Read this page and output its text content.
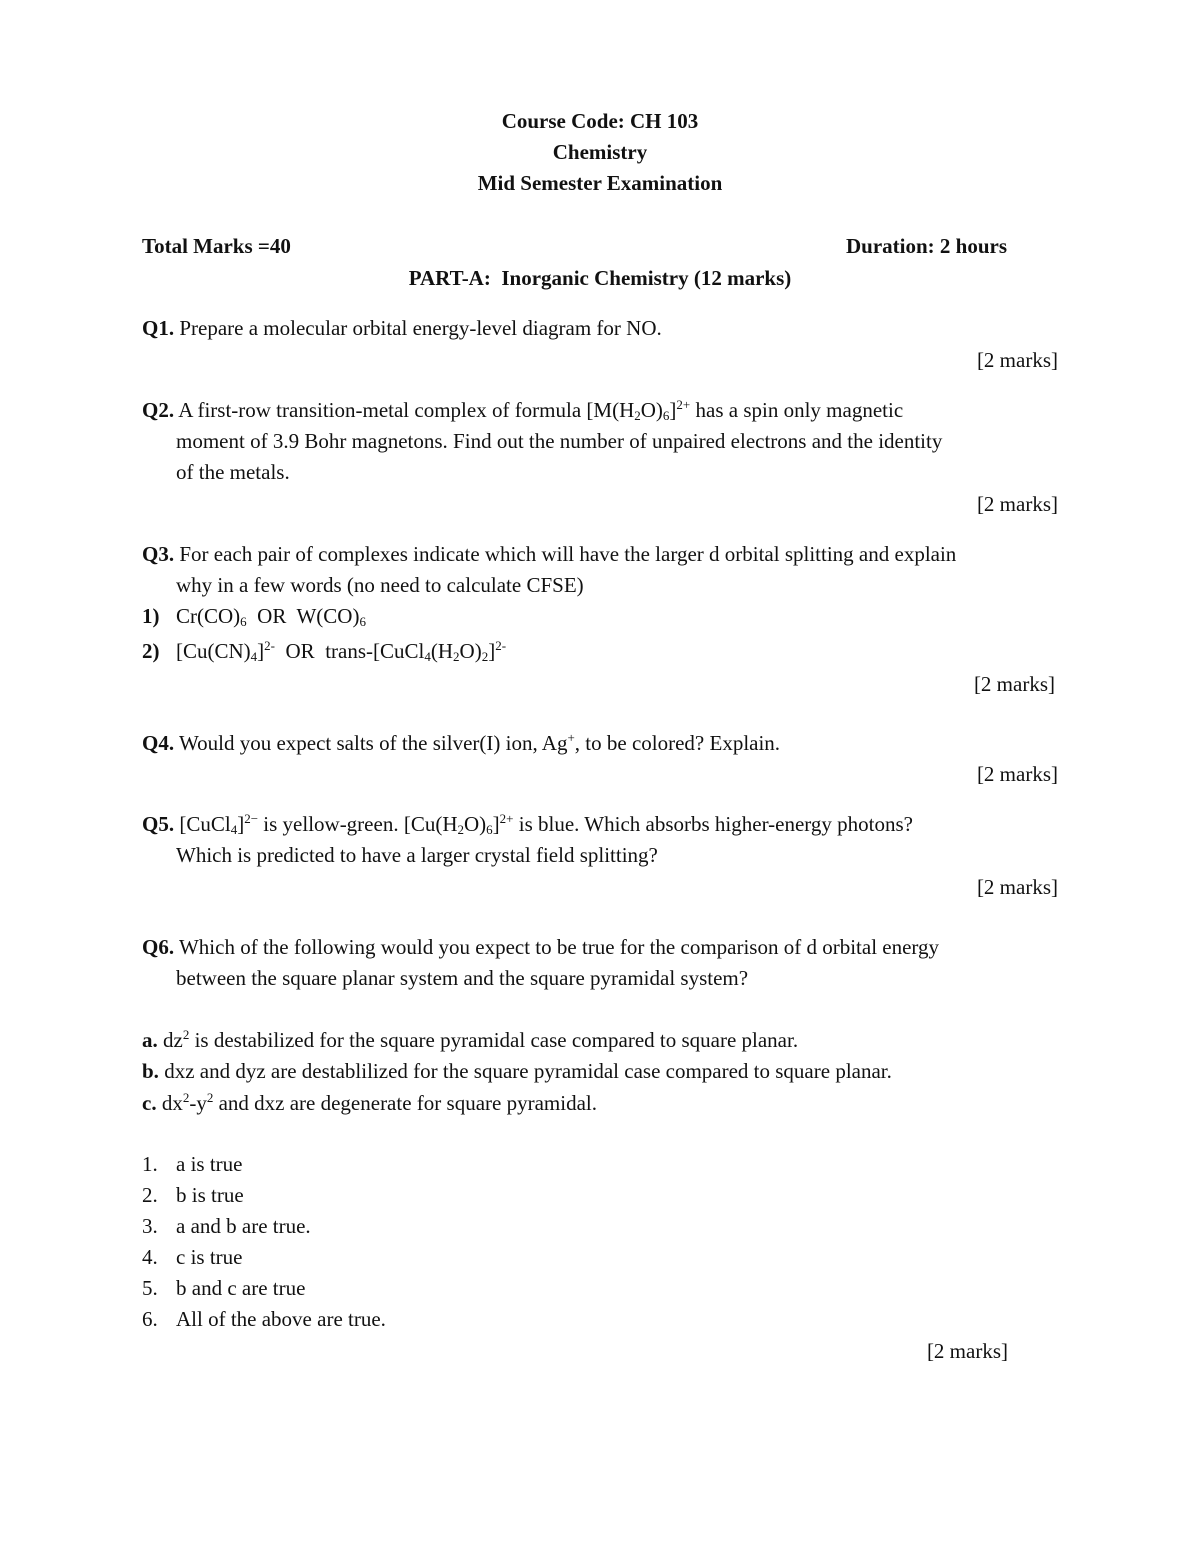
Course Code: CH 103
Chemistry
Mid Semester Examination
Total Marks =40	Duration: 2 hours
PART-A:  Inorganic Chemistry (12 marks)
Q1. Prepare a molecular orbital energy-level diagram for NO.
[2 marks]
Q2. A first-row transition-metal complex of formula $[M(H_2O)_6]^{2+}$ has a spin only magnetic
moment of 3.9 Bohr magnetons. Find out the number of unpaired electrons and the identity
of the metals.
[2 marks]
Q3. For each pair of complexes indicate which will have the larger d orbital splitting and explain
why in a few words (no need to calculate CFSE)
1) $Cr(CO)_6$  OR  $W(CO)_6$
2) $[Cu(CN)_4]^{2-}$  OR  trans-$[CuCl_4(H_2O)_2]^{2-}$
[2 marks]
Q4. Would you expect salts of the silver(I) ion, Ag+, to be colored? Explain.
[2 marks]
Q5. [CuCl$_4$]$^{2-}$ is yellow-green. $[Cu(H_2O)_6]^{2+}$ is blue. Which absorbs higher-energy photons?
Which is predicted to have a larger crystal field splitting?
[2 marks]
Q6. Which of the following would you expect to be true for the comparison of d orbital energy
between the square planar system and the square pyramidal system?
a. $dz^2$ is destabilized for the square pyramidal case compared to square planar.
b. dxz and dyz are destablilized for the square pyramidal case compared to square planar.
c. $dx^2-y^2$ and dxz are degenerate for square pyramidal.
1. a is true
2. b is true
3. a and b are true.
4. c is true
5. b and c are true
6. All of the above are true.
[2 marks]
